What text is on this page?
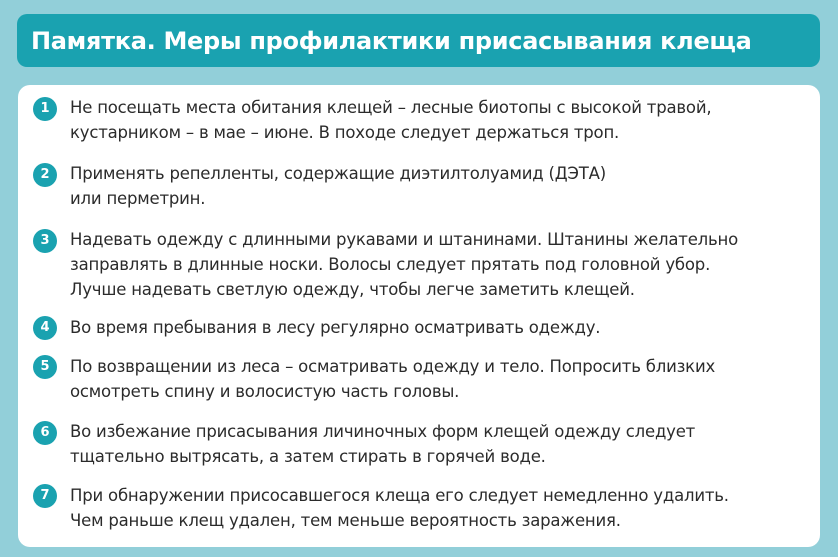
Памятка. Меры профилактики присасывания клеща
1	Не посещать места обитания клещей – лесные биотопы с высокой травой,
кустарником – в мае – июне. В походе следует держаться троп.
2	Применять репелленты, содержащие диэтилтолуамид (ДЭТА)
или перметрин.
3	Надевать одежду с длинными рукавами и штанинами. Штанины желательно
заправлять в длинные носки. Волосы следует прятать под головной убор.
Лучше надевать светлую одежду, чтобы легче заметить клещей.
4	Во время пребывания в лесу регулярно осматривать одежду.
5	По возвращении из леса – осматривать одежду и тело. Попросить близких
осмотреть спину и волосистую часть головы.
6	Во избежание присасывания личиночных форм клещей одежду следует
тщательно вытрясать, а затем стирать в горячей воде.
7	При обнаружении присосавшегося клеща его следует немедленно удалить.
Чем раньше клещ удален, тем меньше вероятность заражения.
